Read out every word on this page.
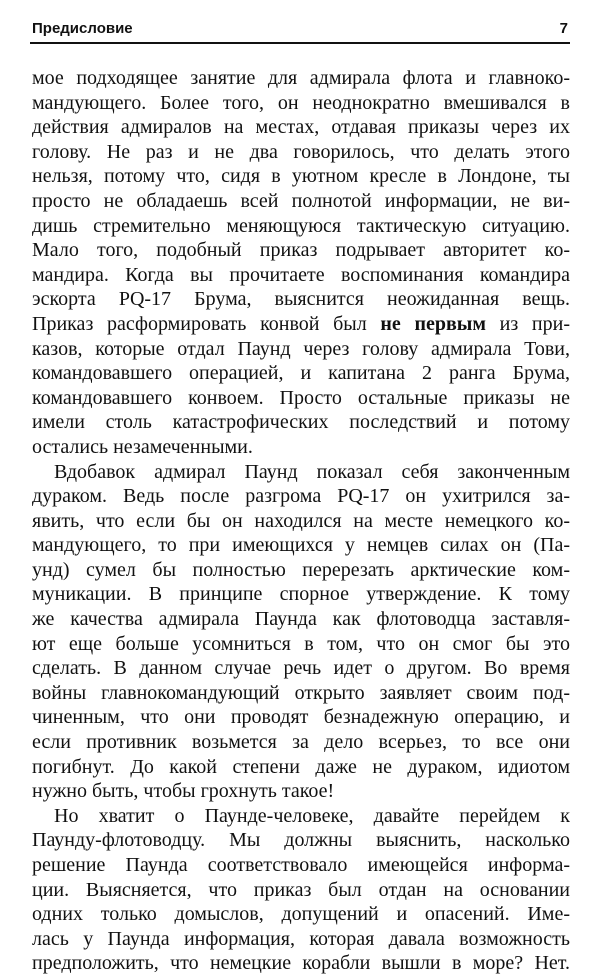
Предисловие	7
мое подходящее занятие для адмирала флота и главноко-
мандующего. Более того, он неоднократно вмешивался в
действия адмиралов на местах, отдавая приказы через их
голову. Не раз и не два говорилось, что делать этого
нельзя, потому что, сидя в уютном кресле в Лондоне, ты
просто не обладаешь всей полнотой информации, не ви-
дишь стремительно меняющуюся тактическую ситуацию.
Мало того, подобный приказ подрывает авторитет ко-
мандира. Когда вы прочитаете воспоминания командира
эскорта PQ-17 Брума, выяснится неожиданная вещь.
Приказ расформировать конвой был не первым из при-
казов, которые отдал Паунд через голову адмирала Тови,
командовавшего операцией, и капитана 2 ранга Брума,
командовавшего конвоем. Просто остальные приказы не
имели столь катастрофических последствий и потому
остались незамеченными.
Вдобавок адмирал Паунд показал себя законченным
дураком. Ведь после разгрома PQ-17 он ухитрился за-
явить, что если бы он находился на месте немецкого ко-
мандующего, то при имеющихся у немцев силах он (Па-
унд) сумел бы полностью перерезать арктические ком-
муникации. В принципе спорное утверждение. К тому
же качества адмирала Паунда как флотоводца заставля-
ют еще больше усомниться в том, что он смог бы это
сделать. В данном случае речь идет о другом. Во время
войны главнокомандующий открыто заявляет своим под-
чиненным, что они проводят безнадежную операцию, и
если противник возьмется за дело всерьез, то все они
погибнут. До какой степени даже не дураком, идиотом
нужно быть, чтобы грохнуть такое!
Но хватит о Паунде-человеке, давайте перейдем к
Паунду-флотоводцу. Мы должны выяснить, насколько
решение Паунда соответствовало имеющейся информа-
ции. Выясняется, что приказ был отдан на основании
одних только домыслов, допущений и опасений. Име-
лась у Паунда информация, которая давала возможность
предположить, что немецкие корабли вышли в море? Нет.
